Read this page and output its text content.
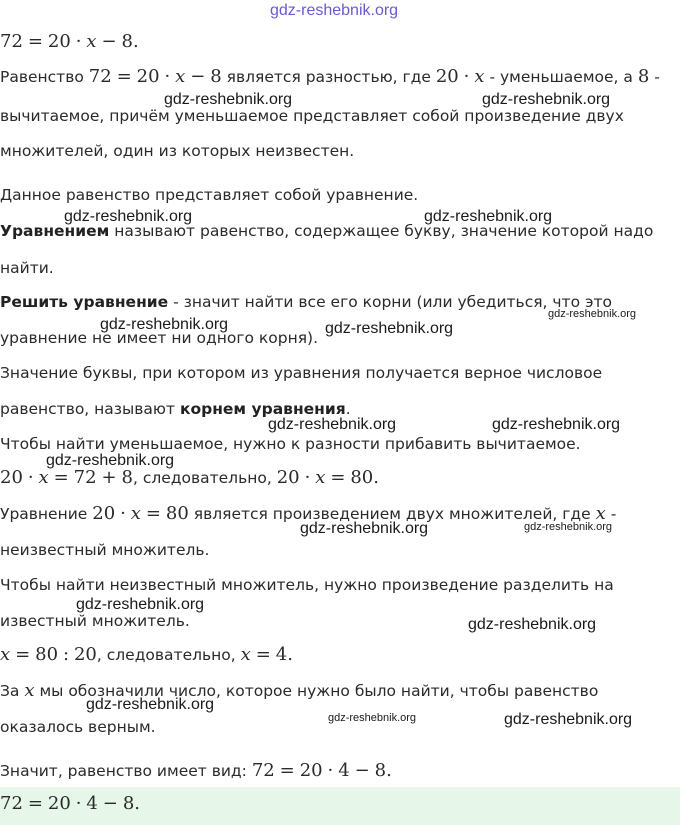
gdz-reshebnik.org
gdz-reshebnik.org	gdz-reshebnik.org
gdz-reshebnik.org	gdz-reshebnik.org
gdz-reshebnik.org	gdz-reshebnik.org
gdz-reshebnik.org
gdz-reshebnik.org	gdz-reshebnik.org
gdz-reshebnik.org
gdz-reshebnik.org	gdz-reshebnik.org
gdz-reshebnik.org
gdz-reshebnik.org
gdz-reshebnik.org
gdz-reshebnik.org	gdz-reshebnik.org
72 = 20 · x − 8.
Равенство 72 = 20 · x − 8 является разностью, где 20 · x - уменьшаемое, а 8 -
вычитаемое, причём уменьшаемое представляет собой произведение двух
множителей, один из которых неизвестен.
Данное равенство представляет собой уравнение.
Уравнением называют равенство, содержащее букву, значение которой надо
найти.
Решить уравнение - значит найти все его корни (или убедиться, что это
уравнение не имеет ни одного корня).
Значение буквы, при котором из уравнения получается верное числовое
равенство, называют корнем уравнения.
Чтобы найти уменьшаемое, нужно к разности прибавить вычитаемое.
20 · x = 72 + 8, следовательно, 20 · x = 80.
Уравнение 20 · x = 80 является произведением двух множителей, где x -
неизвестный множитель.
Чтобы найти неизвестный множитель, нужно произведение разделить на
известный множитель.
x = 80 : 20, следовательно, x = 4.
За x мы обозначили число, которое нужно было найти, чтобы равенство
оказалось верным.
Значит, равенство имеет вид: 72 = 20 · 4 − 8.
72 = 20 · 4 − 8.
